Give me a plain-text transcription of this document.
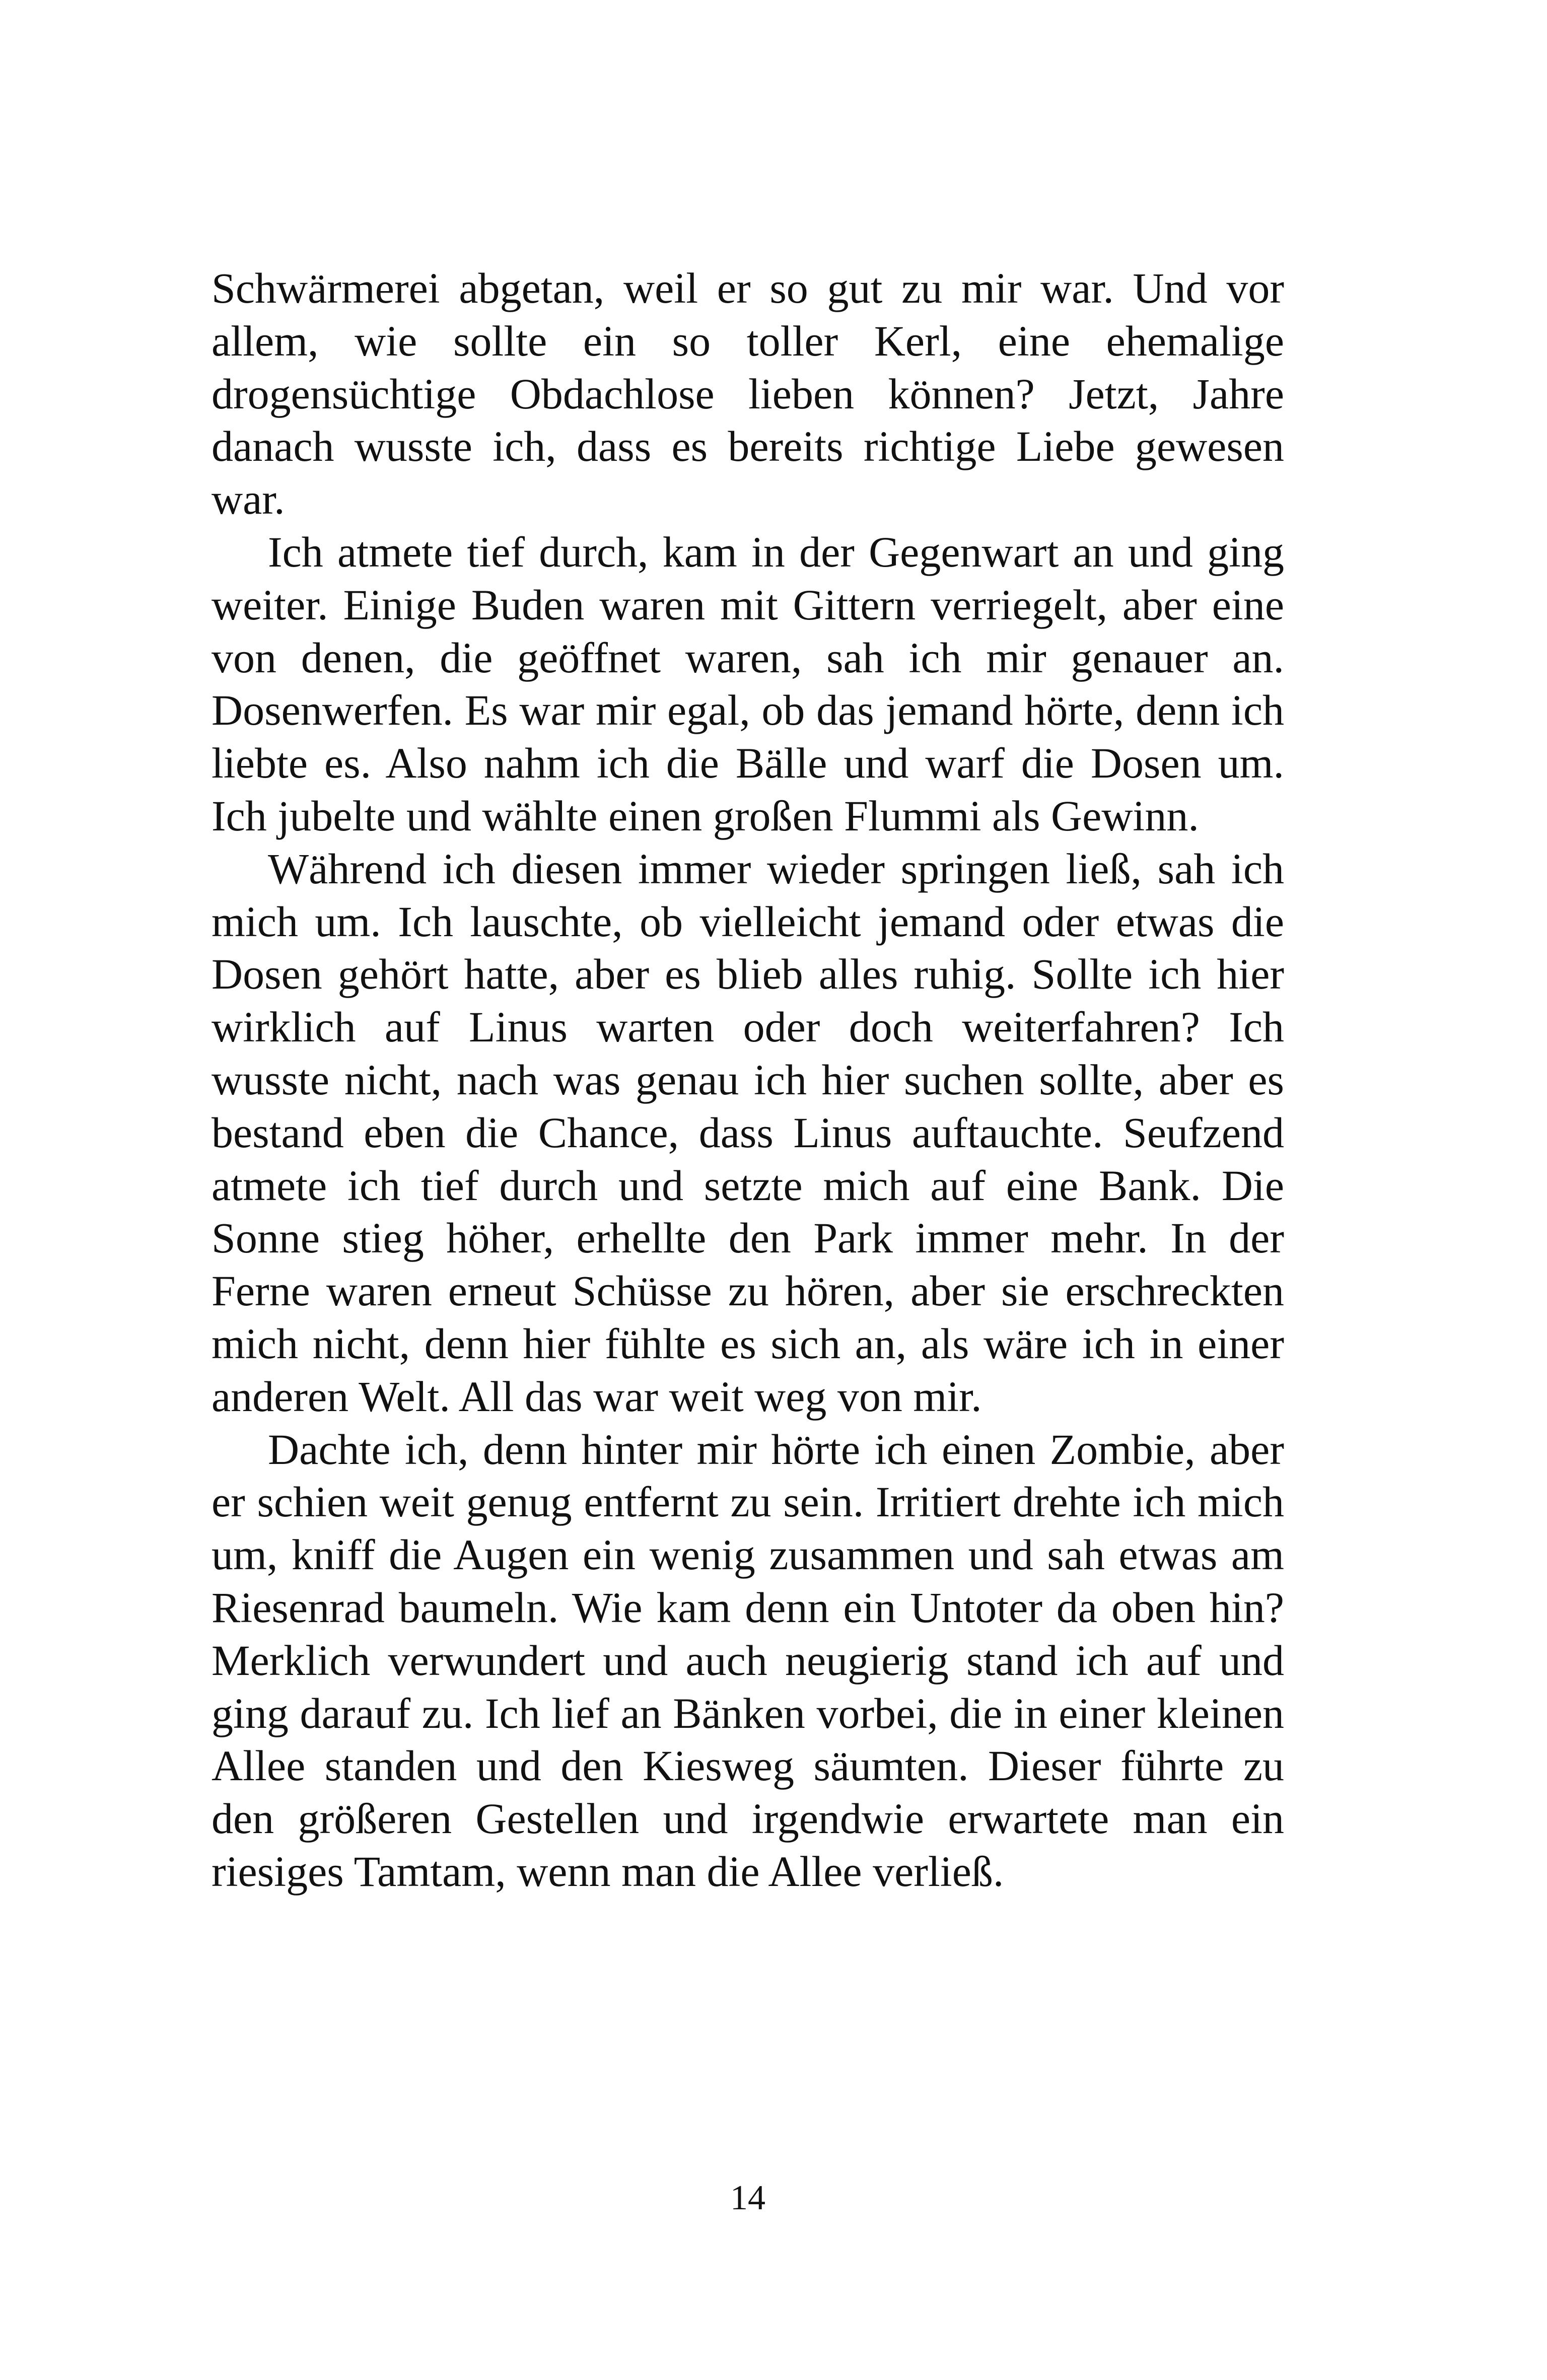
Schwärmerei abgetan, weil er so gut zu mir war. Und vor allem, wie sollte ein so toller Kerl, eine ehemalige drogensüchtige Obdachlose lieben können? Jetzt, Jahre danach wusste ich, dass es bereits richtige Liebe gewesen war.

Ich atmete tief durch, kam in der Gegenwart an und ging weiter. Einige Buden waren mit Gittern verriegelt, aber eine von denen, die geöffnet waren, sah ich mir genauer an. Dosenwerfen. Es war mir egal, ob das jemand hörte, denn ich liebte es. Also nahm ich die Bälle und warf die Dosen um. Ich jubelte und wählte einen großen Flummi als Gewinn.

Während ich diesen immer wieder springen ließ, sah ich mich um. Ich lauschte, ob vielleicht jemand oder etwas die Dosen gehört hatte, aber es blieb alles ruhig. Sollte ich hier wirklich auf Linus warten oder doch weiterfahren? Ich wusste nicht, nach was genau ich hier suchen sollte, aber es bestand eben die Chance, dass Linus auftauchte. Seufzend atmete ich tief durch und setzte mich auf eine Bank. Die Sonne stieg höher, erhellte den Park immer mehr. In der Ferne waren erneut Schüsse zu hören, aber sie erschreckten mich nicht, denn hier fühlte es sich an, als wäre ich in einer anderen Welt. All das war weit weg von mir.

Dachte ich, denn hinter mir hörte ich einen Zombie, aber er schien weit genug entfernt zu sein. Irritiert drehte ich mich um, kniff die Augen ein wenig zusammen und sah etwas am Riesenrad baumeln. Wie kam denn ein Untoter da oben hin? Merklich verwundert und auch neugierig stand ich auf und ging darauf zu. Ich lief an Bänken vorbei, die in einer kleinen Allee standen und den Kiesweg säumten. Dieser führte zu den größeren Gestellen und irgendwie erwartete man ein riesiges Tamtam, wenn man die Allee verließ.

14
